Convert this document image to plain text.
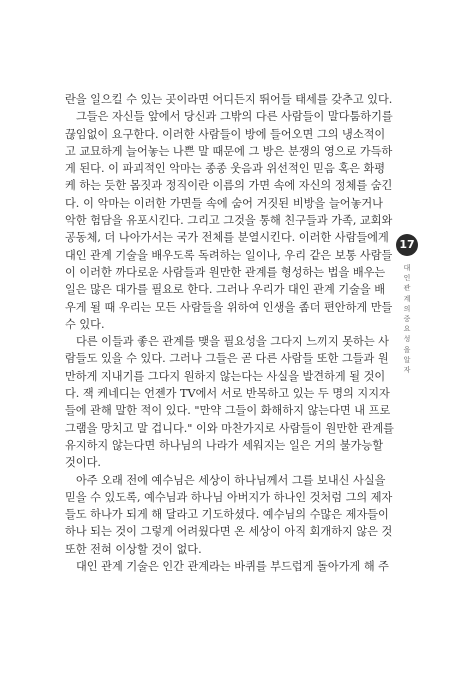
란을 일으킬 수 있는 곳이라면 어디든지 뛰어들 태세를 갖추고 있다.
그들은 자신들 앞에서 당신과 그밖의 다른 사람들이 말다툼하기를
끊임없이 요구한다. 이러한 사람들이 방에 들어오면 그의 냉소적이
고 교묘하게 늘어놓는 나쁜 말 때문에 그 방은 분쟁의 영으로 가득하
게 된다. 이 파괴적인 악마는 종종 웃음과 위선적인 믿음 혹은 화평
케 하는 듯한 몸짓과 정직이란 이름의 가면 속에 자신의 정체를 숨긴
다. 이 악마는 이러한 가면들 속에 숨어 거짓된 비방을 늘어놓거나
악한 험담을 유포시킨다. 그리고 그것을 통해 친구들과 가족, 교회와
공동체, 더 나아가서는 국가 전체를 분열시킨다. 이러한 사람들에게
대인 관계 기술을 배우도록 독려하는 일이나, 우리 같은 보통 사람들
이 이러한 까다로운 사람들과 원만한 관계를 형성하는 법을 배우는
일은 많은 대가를 필요로 한다. 그러나 우리가 대인 관계 기술을 배
우게 될 때 우리는 모든 사람들을 위하여 인생을 좀더 편안하게 만들
수 있다.
다른 이들과 좋은 관계를 맺을 필요성을 그다지 느끼지 못하는 사
람들도 있을 수 있다. 그러나 그들은 곧 다른 사람들 또한 그들과 원
만하게 지내기를 그다지 원하지 않는다는 사실을 발견하게 될 것이
다. 잭 케네디는 언젠가 TV에서 서로 반목하고 있는 두 명의 지지자
들에 관해 말한 적이 있다. "만약 그들이 화해하지 않는다면 내 프로
그램을 망치고 말 겁니다." 이와 마찬가지로 사람들이 원만한 관계를
유지하지 않는다면 하나님의 나라가 세워지는 일은 거의 불가능할
것이다.
아주 오래 전에 예수님은 세상이 하나님께서 그를 보내신 사실을
믿을 수 있도록, 예수님과 하나님 아버지가 하나인 것처럼 그의 제자
들도 하나가 되게 해 달라고 기도하셨다. 예수님의 수많은 제자들이
하나 되는 것이 그렇게 어려웠다면 온 세상이 아직 회개하지 않은 것
또한 전혀 이상할 것이 없다.
대인 관계 기술은 인간 관계라는 바퀴를 부드럽게 돌아가게 해 주
17
대
인
관
계
의
중
요
성
을
알
자
